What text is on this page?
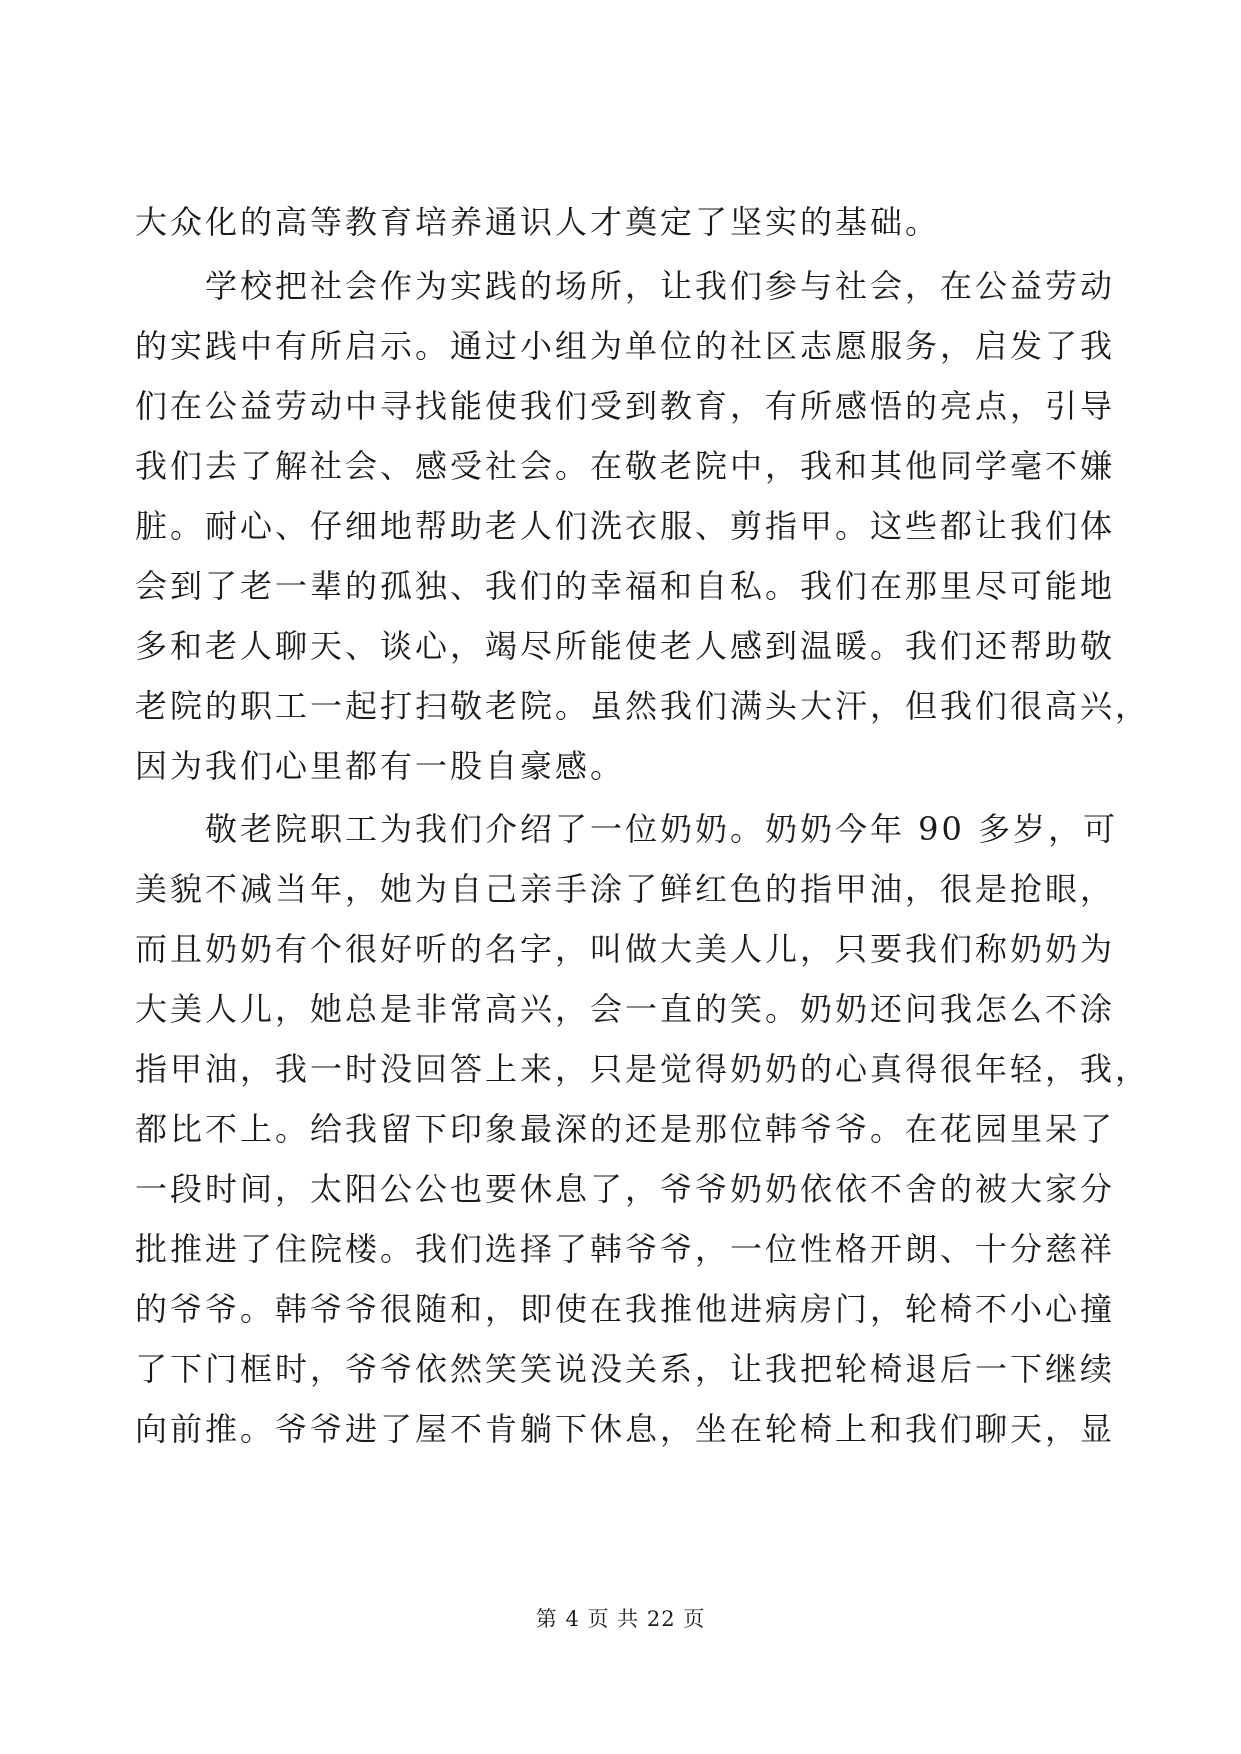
大众化的高等教育培养通识人才奠定了坚实的基础。
　　学校把社会作为实践的场所，让我们参与社会，在公益劳动
的实践中有所启示。通过小组为单位的社区志愿服务，启发了我
们在公益劳动中寻找能使我们受到教育，有所感悟的亮点，引导
我们去了解社会、感受社会。在敬老院中，我和其他同学毫不嫌
脏。耐心、仔细地帮助老人们洗衣服、剪指甲。这些都让我们体
会到了老一辈的孤独、我们的幸福和自私。我们在那里尽可能地
多和老人聊天、谈心，竭尽所能使老人感到温暖。我们还帮助敬
老院的职工一起打扫敬老院。虽然我们满头大汗，但我们很高兴，
因为我们心里都有一股自豪感。
　　敬老院职工为我们介绍了一位奶奶。奶奶今年 90 多岁，可
美貌不减当年，她为自己亲手涂了鲜红色的指甲油，很是抢眼，
而且奶奶有个很好听的名字，叫做大美人儿，只要我们称奶奶为
大美人儿，她总是非常高兴，会一直的笑。奶奶还问我怎么不涂
指甲油，我一时没回答上来，只是觉得奶奶的心真得很年轻，我，
都比不上。给我留下印象最深的还是那位韩爷爷。在花园里呆了
一段时间，太阳公公也要休息了，爷爷奶奶依依不舍的被大家分
批推进了住院楼。我们选择了韩爷爷，一位性格开朗、十分慈祥
的爷爷。韩爷爷很随和，即使在我推他进病房门，轮椅不小心撞
了下门框时，爷爷依然笑笑说没关系，让我把轮椅退后一下继续
向前推。爷爷进了屋不肯躺下休息，坐在轮椅上和我们聊天，显
第 4 页 共 22 页
